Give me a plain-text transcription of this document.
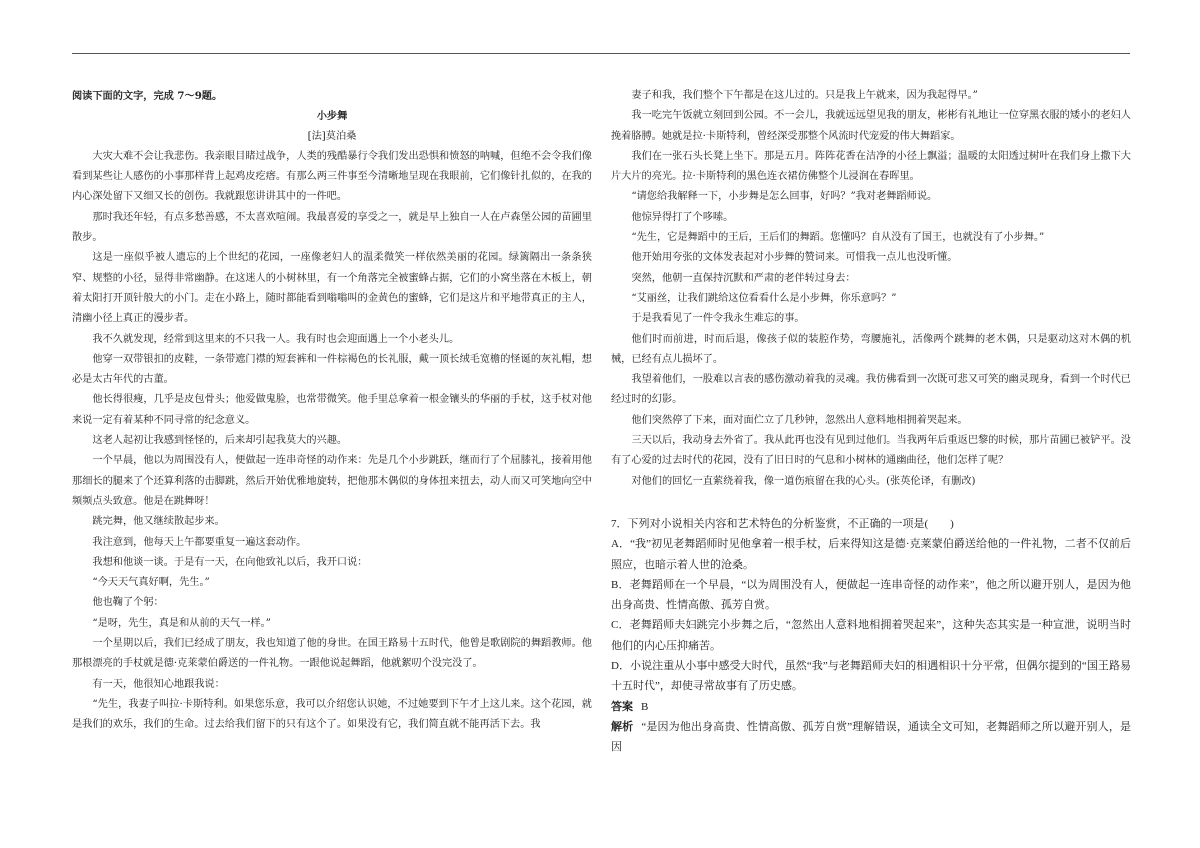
阅读下面的文字，完成 7～9题。

小步舞

[法]莫泊桑

大灾大难不会让我悲伤。我亲眼目睹过战争，人类的残酷暴行令我们发出恐惧和愤怒的呐喊，但绝不会令我们像看到某些让人感伤的小事那样背上起鸡皮疙瘩。有那么两三件事至今清晰地呈现在我眼前，它们像针扎似的，在我的内心深处留下又细又长的创伤。我就跟您讲讲其中的一件吧。

那时我还年轻，有点多愁善感，不太喜欢喧闹。我最喜爱的享受之一，就是早上独自一人在卢森堡公园的苗圃里散步。

这是一座似乎被人遗忘的上个世纪的花园，一座像老妇人的温柔微笑一样依然美丽的花园。绿篱隔出一条条狭窄、规整的小径，显得非常幽静。在这迷人的小树林里，有一个角落完全被蜜蜂占据，它们的小窝坐落在木板上，朝着太阳打开顶针般大的小门。走在小路上，随时都能看到嗡嗡叫的金黄色的蜜蜂，它们是这片和平地带真正的主人，清幽小径上真正的漫步者。

我不久就发现，经常到这里来的不只我一人。我有时也会迎面遇上一个小老头儿。

他穿一双带银扣的皮鞋，一条带遮门襟的短套裤和一件棕褐色的长礼服，戴一顶长绒毛宽檐的怪诞的灰礼帽，想必是太古年代的古董。

他长得很瘦，几乎是皮包骨头；他爱做鬼脸，也常带微笑。他手里总拿着一根金镶头的华丽的手杖，这手杖对他来说一定有着某种不同寻常的纪念意义。

这老人起初让我感到怪怪的，后来却引起我莫大的兴趣。

一个早晨，他以为周围没有人，便做起一连串奇怪的动作来：先是几个小步跳跃，继而行了个屈膝礼，接着用他那细长的腿来了个还算利落的击脚跳，然后开始优雅地旋转，把他那木偶似的身体扭来扭去，动人而又可笑地向空中频频点头致意。他是在跳舞呀！

跳完舞，他又继续散起步来。

我注意到，他每天上午都要重复一遍这套动作。

我想和他谈一谈。于是有一天，在向他致礼以后，我开口说：

“今天天气真好啊，先生。”

他也鞠了个躬：

“是呀，先生，真是和从前的天气一样。”

一个星期以后，我们已经成了朋友，我也知道了他的身世。在国王路易十五时代，他曾是歌剧院的舞蹈教师。他那根漂亮的手杖就是德·克莱蒙伯爵送的一件礼物。一跟他说起舞蹈，他就絮叨个没完没了。

有一天，他很知心地跟我说：

“先生，我妻子叫拉·卡斯特利。如果您乐意，我可以介绍您认识她，不过她要到下午才上这儿来。这个花园，就是我们的欢乐，我们的生命。过去给我们留下的只有这个了。如果没有它，我们简直就不能再活下去。我

妻子和我，我们整个下午都是在这儿过的。只是我上午就来，因为我起得早。”

我一吃完午饭就立刻回到公园。不一会儿，我就远远望见我的朋友，彬彬有礼地让一位穿黑衣服的矮小的老妇人挽着胳膊。她就是拉·卡斯特利，曾经深受那整个风流时代宠爱的伟大舞蹈家。

我们在一张石头长凳上坐下。那是五月。阵阵花香在洁净的小径上飘溢；温暖的太阳透过树叶在我们身上撒下大片大片的亮光。拉·卡斯特利的黑色连衣裙仿佛整个儿浸润在春晖里。

“请您给我解释一下，小步舞是怎么回事，好吗？”我对老舞蹈师说。

他惊异得打了个哆嗦。

“先生，它是舞蹈中的王后，王后们的舞蹈。您懂吗？自从没有了国王，也就没有了小步舞。”

他开始用夸张的文体发表起对小步舞的赞词来。可惜我一点儿也没听懂。

突然，他朝一直保持沉默和严肃的老伴转过身去：

“艾丽丝，让我们跳给这位看看什么是小步舞，你乐意吗？”

于是我看见了一件令我永生难忘的事。

他们时而前进，时而后退，像孩子似的装腔作势，弯腰施礼，活像两个跳舞的老木偶，只是驱动这对木偶的机械，已经有点儿损坏了。

我望着他们，一股难以言表的感伤激动着我的灵魂。我仿佛看到一次既可悲又可笑的幽灵现身，看到一个时代已经过时的幻影。

他们突然停了下来，面对面伫立了几秒钟，忽然出人意料地相拥着哭起来。

三天以后，我动身去外省了。我从此再也没有见到过他们。当我两年后重返巴黎的时候，那片苗圃已被铲平。没有了心爱的过去时代的花园，没有了旧日时的气息和小树林的通幽曲径，他们怎样了呢？

对他们的回忆一直萦绕着我，像一道伤痕留在我的心头。(张英伦译，有删改)

7．下列对小说相关内容和艺术特色的分析鉴赏，不正确的一项是(　　)

A．“我”初见老舞蹈师时见他拿着一根手杖，后来得知这是德·克莱蒙伯爵送给他的一件礼物，二者不仅前后照应，也暗示着人世的沧桑。

B．老舞蹈师在一个早晨，“以为周围没有人，便做起一连串奇怪的动作来”，他之所以避开别人，是因为他出身高贵、性情高傲、孤芳自赏。

C．老舞蹈师夫妇跳完小步舞之后，“忽然出人意料地相拥着哭起来”，这种失态其实是一种宣泄，说明当时他们的内心压抑痛苦。

D．小说注重从小事中感受大时代，虽然“我”与老舞蹈师夫妇的相遇相识十分平常，但偶尔提到的“国王路易十五时代”，却使寻常故事有了历史感。

答案 B

解析 “是因为他出身高贵、性情高傲、孤芳自赏”理解错误，通读全文可知，老舞蹈师之所以避开别人，是因
